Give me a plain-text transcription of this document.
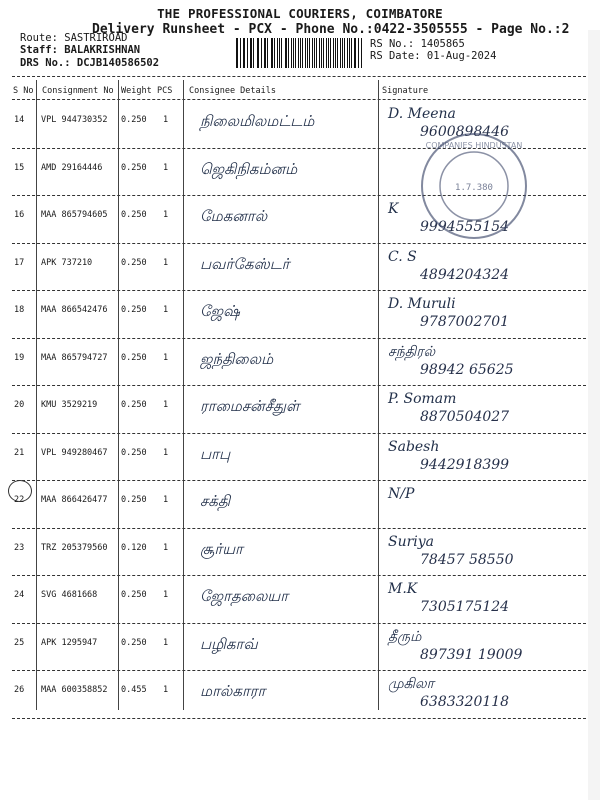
THE PROFESSIONAL COURIERS, COIMBATORE
Delivery Runsheet - PCX - Phone No.:0422-3505555 - Page No.:2
Route: SASTRIROAD
Staff: BALAKRISHNAN
DRS No.: DCJB140586502
RS No.: 1405865
RS Date: 01-Aug-2024
S No Consignment No Weight PCS Consignee Details	Signature
14 VPL 944730352 0.250 1 நிலைமிலமட்டம்	D. Meena
9600898446
15 AMD 29164446 0.250 1 ஜெகிநிகம்னம்
16 MAA 865794605 0.250 1 மேகனால்	K
9994555154
17 APK 737210	0.250 1 பவர்கேஸ்டர்	C. S
4894204324
18 MAA 866542476 0.250 1 ஜேஷ்	D. Muruli
9787002701
19 MAA 865794727 0.250 1 ஜந்திலைம்	சந்திரல்
98942 65625
20 KMU 3529219	0.250 1 ராமைசன்சீதுள்	P. Somam
8870504027
21 VPL 949280467 0.250 1 பாபு	Sabesh
9442918399
22 MAA 866426477 0.250 1 சக்தி	N/P
23 TRZ 205379560 0.120 1 சூர்யா	Suriya
78457 58550
24 SVG 4681668	0.250 1 ஜோதலையா	M.K
7305175124
25 APK 1295947	0.250 1 பழிகாவ்	தீரும்
897391 19009
26 MAA 600358852 0.455 1 மால்காரா	முகிலா
6383320118
1.7.380
COMPANIES HINDUSTAN
